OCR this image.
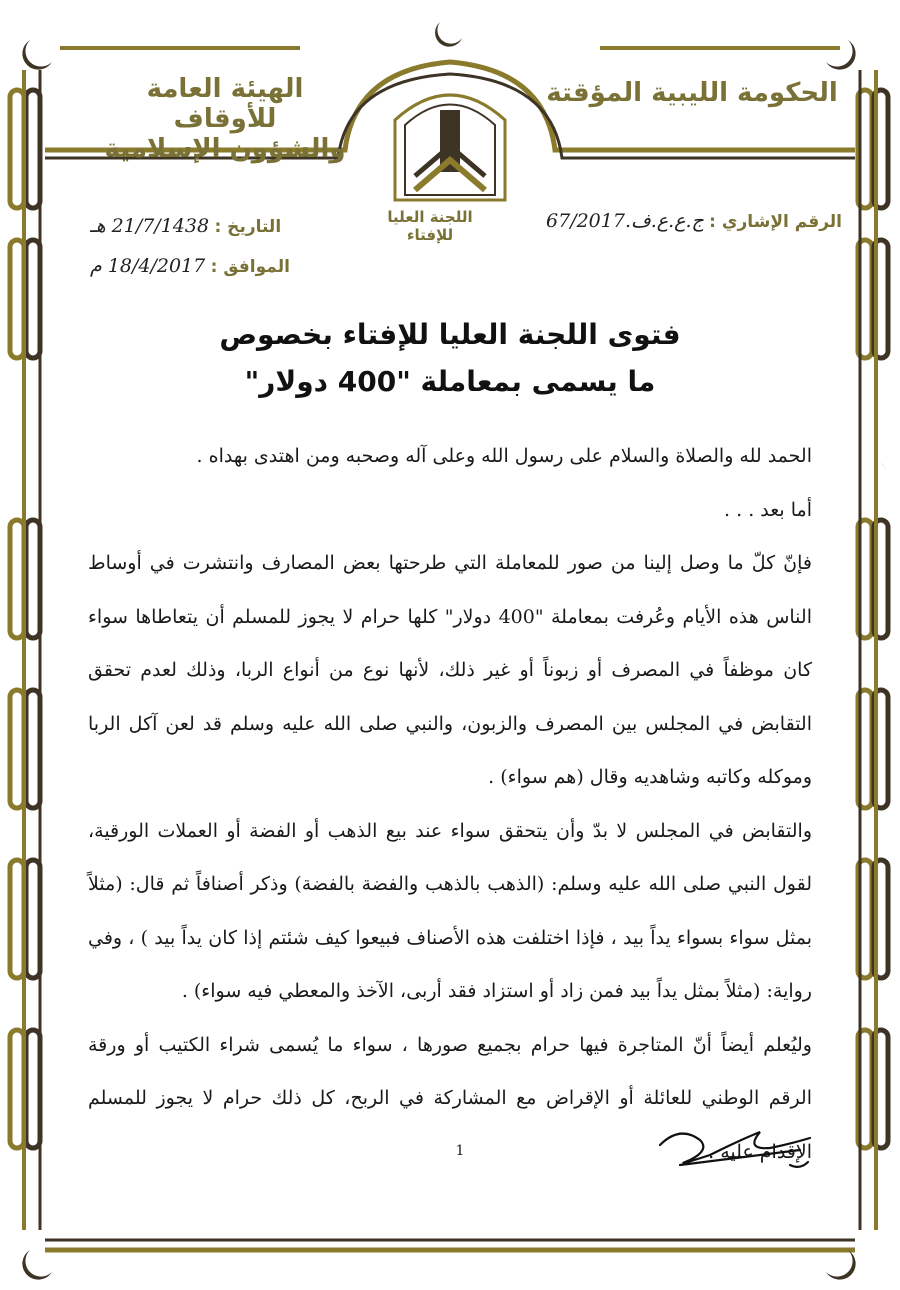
الحكومة الليبية المؤقتة
الهيئة العامة للأوقاف
والشؤون الإسلامية
اللجنة العليا للإفتاء
الرقم الإشاري : ج.ع.ع.ف.67/2017
التاريخ : 21/7/1438 هـ
الموافق : 18/4/2017 م
فتوى اللجنة العليا للإفتاء بخصوص
ما يسمى بمعاملة "400 دولار"

الحمد لله والصلاة والسلام على رسول الله وعلى آله وصحبه ومن اهتدى بهداه .

أما بعد . . .

فإنّ كلّ ما وصل إلينا من صور للمعاملة التي طرحتها بعض المصارف وانتشرت في أوساط الناس هذه الأيام وعُرفت بمعاملة "400 دولار" كلها حرام لا يجوز للمسلم أن يتعاطاها سواء كان موظفاً في المصرف أو زبوناً أو غير ذلك، لأنها نوع من أنواع الربا، وذلك لعدم تحقق التقابض في المجلس بين المصرف والزبون، والنبي صلى الله عليه وسلم قد لعن آكل الربا وموكله وكاتبه وشاهديه وقال (هم سواء) .

والتقابض في المجلس لا بدّ وأن يتحقق سواء عند بيع الذهب أو الفضة أو العملات الورقية، لقول النبي صلى الله عليه وسلم: (الذهب بالذهب والفضة بالفضة) وذكر أصنافاً ثم قال: (مثلاً بمثل سواء بسواء يداً بيد ، فإذا اختلفت هذه الأصناف فبيعوا كيف شئتم إذا كان يداً بيد ) ، وفي رواية: (مثلاً بمثل يداً بيد فمن زاد أو استزاد فقد أربى، الآخذ والمعطي فيه سواء) .

وليُعلم أيضاً أنّ المتاجرة فيها حرام بجميع صورها ، سواء ما يُسمى شراء الكتيب أو ورقة الرقم الوطني للعائلة أو الإقراض مع المشاركة في الربح، كل ذلك حرام لا يجوز للمسلم الإقدام عليه .

1
